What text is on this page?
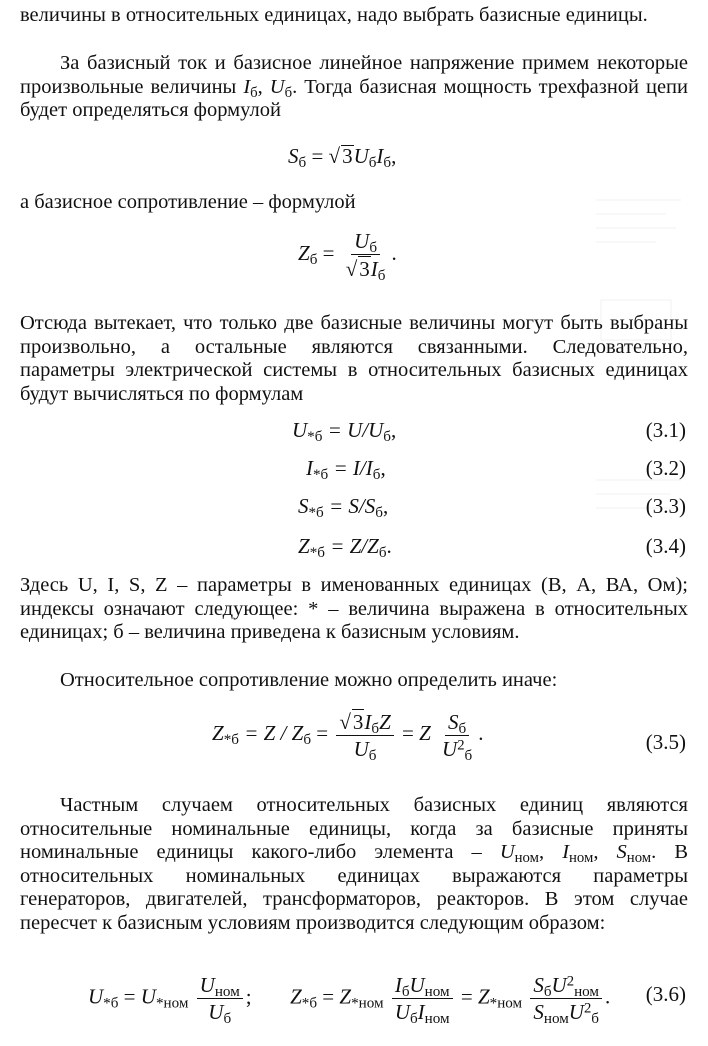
величины в относительных единицах, надо выбрать базисные единицы.
За базисный ток и базисное линейное напряжение примем некоторые произвольные величины $I_б$, $U_б$. Тогда базисная мощность трехфазной цепи будет определяться формулой
$S_б = √3U_бI_б$,
а базисное сопротивление – формулой
$Z_б = \frac{U_б}{√3I_б}$ .
Отсюда вытекает, что только две базисные величины могут быть выбраны произвольно, а остальные являются связанными. Следовательно, параметры электрической системы в относительных базисных единицах будут вычисляться по формулам
$U_{*б} = U/U_б$,	(3.1)
$I_{*б} = I/I_б$,	(3.2)
$S_{*б} = S/S_б$,	(3.3)
$Z_{*б} = Z/Z_б$.	(3.4)
Здесь U, I, S, Z – параметры в именованных единицах (В, А, ВА, Ом); индексы означают следующее: * – величина выражена в относительных единицах; б – величина приведена к базисным условиям.
Относительное сопротивление можно определить иначе:
$Z_{*б} = Z / Z_б = \frac{√3I_бZ}{U_б} = Z \frac{S_б}{U^2_б}$ .	(3.5)
Частным случаем относительных базисных единиц являются относительные номинальные единицы, когда за базисные приняты номинальные единицы какого-либо элемента – $U_{ном}$, $I_{ном}$, $S_{ном}$. В относительных номинальных единицах выражаются параметры генераторов, двигателей, трансформаторов, реакторов. В этом случае пересчет к базисным условиям производится следующим образом:
$U_{*б} = U_{*ном} \frac{U_{ном}}{U_б}$ ; $Z_{*б} = Z_{*ном} \frac{I_бU_{ном}}{U_бI_{ном}} = Z_{*ном} \frac{S_бU^2_{ном}}{S_{ном}U^2_б}$ . (3.6)
